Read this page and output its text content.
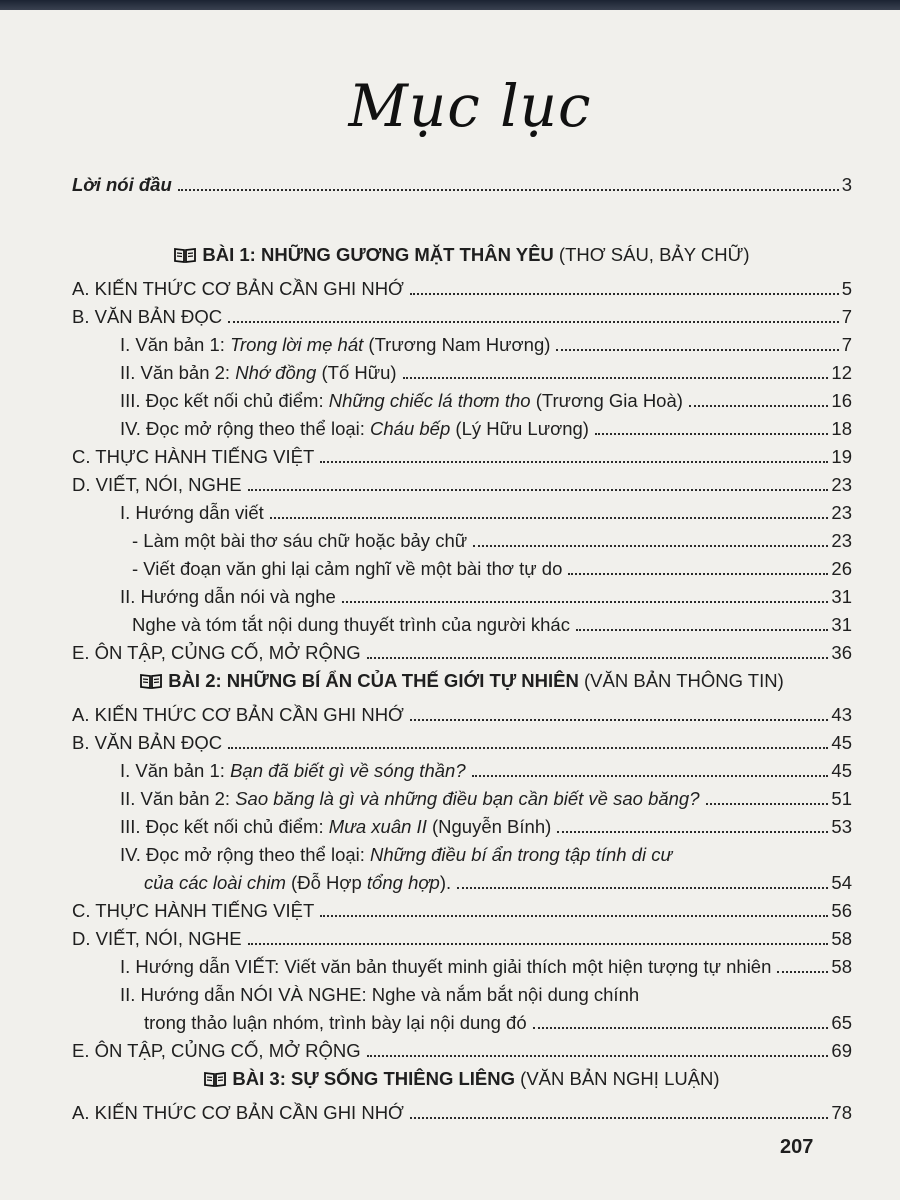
Mục lục
Lời nói đầu	3
BÀI 1: NHỮNG GƯƠNG MẶT THÂN YÊU (THƠ SÁU, BẢY CHỮ)
A. KIẾN THỨC CƠ BẢN CẦN GHI NHỚ	5
B. VĂN BẢN ĐỌC	7
I. Văn bản 1: Trong lời mẹ hát (Trương Nam Hương)	7
II. Văn bản 2: Nhớ đồng (Tố Hữu)	12
III. Đọc kết nối chủ điểm: Những chiếc lá thơm tho (Trương Gia Hoà)	16
IV. Đọc mở rộng theo thể loại: Cháu bếp (Lý Hữu Lương)	18
C. THỰC HÀNH TIẾNG VIỆT	19
D. VIẾT, NÓI, NGHE	23
I. Hướng dẫn viết	23
- Làm một bài thơ sáu chữ hoặc bảy chữ	23
- Viết đoạn văn ghi lại cảm nghĩ về một bài thơ tự do	26
II. Hướng dẫn nói và nghe	31
Nghe và tóm tắt nội dung thuyết trình của người khác	31
E. ÔN TẬP, CỦNG CỐ, MỞ RỘNG	36
BÀI 2: NHỮNG BÍ ẨN CỦA THẾ GIỚI TỰ NHIÊN (VĂN BẢN THÔNG TIN)
A. KIẾN THỨC CƠ BẢN CẦN GHI NHỚ	43
B. VĂN BẢN ĐỌC	45
I. Văn bản 1: Bạn đã biết gì về sóng thần?	45
II. Văn bản 2: Sao băng là gì và những điều bạn cần biết về sao băng?	51
III. Đọc kết nối chủ điểm: Mưa xuân II (Nguyễn Bính)	53
IV. Đọc mở rộng theo thể loại: Những điều bí ẩn trong tập tính di cư
của các loài chim (Đỗ Hợp tổng hợp).	54
C. THỰC HÀNH TIẾNG VIỆT	56
D. VIẾT, NÓI, NGHE	58
I. Hướng dẫn VIẾT: Viết văn bản thuyết minh giải thích một hiện tượng tự nhiên	58
II. Hướng dẫn NÓI VÀ NGHE: Nghe và nắm bắt nội dung chính
trong thảo luận nhóm, trình bày lại nội dung đó	65
E. ÔN TẬP, CỦNG CỐ, MỞ RỘNG	69
BÀI 3: SỰ SỐNG THIÊNG LIÊNG (VĂN BẢN NGHỊ LUẬN)
A. KIẾN THỨC CƠ BẢN CẦN GHI NHỚ	78
207
